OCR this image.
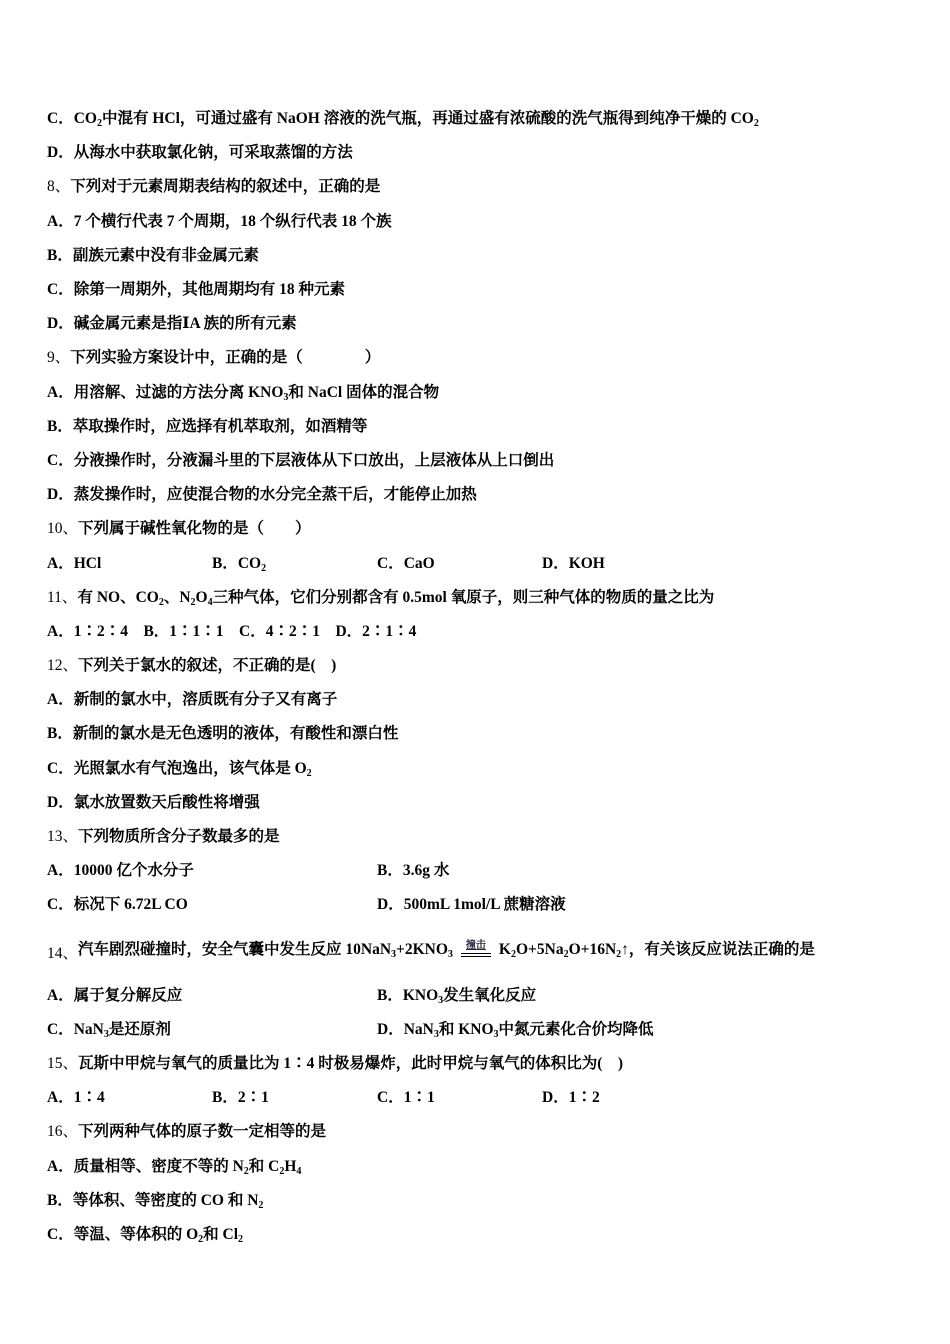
C．$CO_2$中混有 HCl，可通过盛有 NaOH 溶液的洗气瓶，再通过盛有浓硫酸的洗气瓶得到纯净干燥的 $CO_2$
D．从海水中获取氯化钠，可采取蒸馏的方法
8、 下列对于元素周期表结构的叙述中，正确的是
A．7 个横行代表 7 个周期，18 个纵行代表 18 个族
B．副族元素中没有非金属元素
C．除第一周期外，其他周期均有 18 种元素
D．碱金属元素是指ⅠA 族的所有元素
9、 下列实验方案设计中，正确的是（　　　　）
A．用溶解、过滤的方法分离 $KNO_3$和 NaCl 固体的混合物
B．萃取操作时，应选择有机萃取剂，如酒精等
C．分液操作时，分液漏斗里的下层液体从下口放出，上层液体从上口倒出
D．蒸发操作时，应使混合物的水分完全蒸干后，才能停止加热
10、 下列属于碱性氧化物的是（　　）
A．HCl	B．$CO_2$	C．CaO	D．KOH
11、 有 NO、$CO_2$、$N_2O_4$三种气体，它们分别都含有 0.5mol 氧原子，则三种气体的物质的量之比为
A．1∶2∶4　B．1∶1∶1　C．4∶2∶1　D．2∶1∶4
12、 下列关于氯水的叙述，不正确的是(　)
A．新制的氯水中，溶质既有分子又有离子
B．新制的氯水是无色透明的液体，有酸性和漂白性
C．光照氯水有气泡逸出，该气体是 $O_2$
D．氯水放置数天后酸性将增强
13、 下列物质所含分子数最多的是
A．10000 亿个水分子	B．3.6g 水
C．标况下 6.72L CO	D．500mL 1mol/L 蔗糖溶液
14、 汽车剧烈碰撞时，安全气囊中发生反应 $10NaN_3+2KNO_3$
撞击 $K_2O+5Na_2O+16N_2↑$，有关该反应说法正确的是
A．属于复分解反应	B．$KNO_3$发生氧化反应
C．NaN$_3$是还原剂	D．NaN$_3$和 $KNO_3$中氮元素化合价均降低
15、 瓦斯中甲烷与氧气的质量比为 1∶4 时极易爆炸，此时甲烷与氧气的体积比为(　)
A．1∶4	B．2∶1	C．1∶1	D．1∶2
16、 下列两种气体的原子数一定相等的是
A．质量相等、密度不等的 $N_2$和 $C_2H_4$
B．等体积、等密度的 CO 和 $N_2$
C．等温、等体积的 $O_2$和 $Cl_2$
